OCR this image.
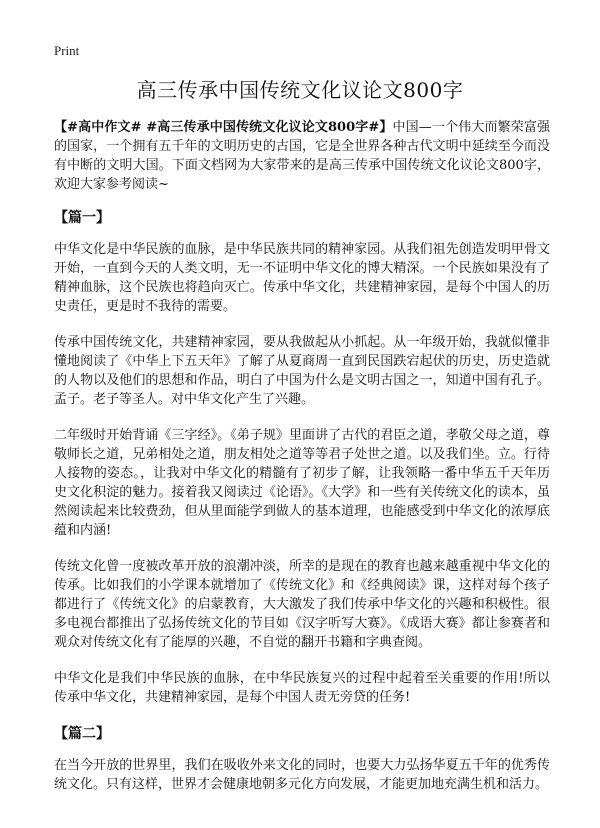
Print
高三传承中国传统文化议论文800字

【#高中作文# #高三传承中国传统文化议论文800字#】中国—一个伟大而繁荣富强的国家，一个拥有五千年的文明历史的古国，它是全世界各种古代文明中延续至今而没有中断的文明大国。下面文档网为大家带来的是高三传承中国传统文化议论文800字，欢迎大家参考阅读~

【篇一】

中华文化是中华民族的血脉，是中华民族共同的精神家园。从我们祖先创造发明甲骨文开始，一直到今天的人类文明，无一不证明中华文化的博大精深。一个民族如果没有了精神血脉，这个民族也将趋向灭亡。传承中华文化，共建精神家园，是每个中国人的历史责任，更是时不我待的需要。

传承中国传统文化，共建精神家园，要从我做起从小抓起。从一年级开始，我就似懂非懂地阅读了《中华上下五天年》了解了从夏商周一直到民国跌宕起伏的历史，历史造就的人物以及他们的思想和作品，明白了中国为什么是文明古国之一，知道中国有孔子。孟子。老子等圣人。对中华文化产生了兴趣。

二年级时开始背诵《三字经》。《弟子规》里面讲了古代的君臣之道，孝敬父母之道，尊敬师长之道，兄弟相处之道，朋友相处之道等等君子处世之道。以及我们坐。立。行待人接物的姿态。，让我对中华文化的精髓有了初步了解，让我领略一番中华五千天年历史文化积淀的魅力。接着我又阅读过《论语》。《大学》和一些有关传统文化的读本，虽然阅读起来比较费劲，但从里面能学到做人的基本道理，也能感受到中华文化的浓厚底蕴和内涵!

传统文化曾一度被改革开放的浪潮冲淡，所幸的是现在的教育也越来越重视中华文化的传承。比如我们的小学课本就增加了《传统文化》和《经典阅读》课，这样对每个孩子都进行了《传统文化》的启蒙教育，大大激发了我们传承中华文化的兴趣和积极性。很多电视台都推出了弘扬传统文化的节目如《汉字听写大赛》。《成语大赛》都让参赛者和观众对传统文化有了能厚的兴趣，不自觉的翻开书籍和字典查阅。

中华文化是我们中华民族的血脉，在中华民族复兴的过程中起着至关重要的作用!所以传承中华文化，共建精神家园，是每个中国人责无旁贷的任务!

【篇二】

在当今开放的世界里，我们在吸收外来文化的同时，也要大力弘扬华夏五千年的优秀传统文化。只有这样，世界才会健康地朝多元化方向发展，才能更加地充满生机和活力。
